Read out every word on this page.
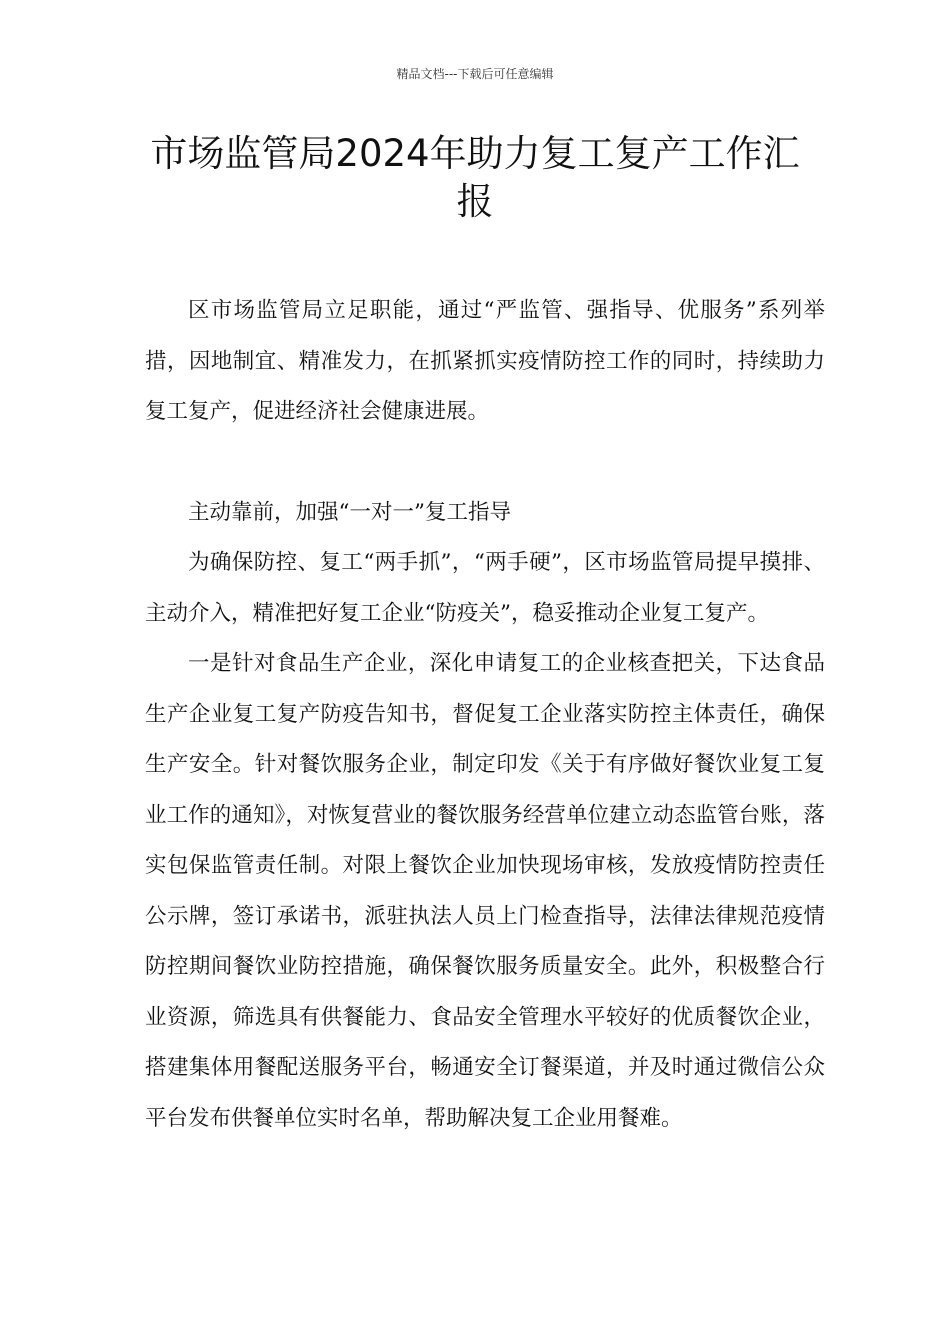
精品文档---下载后可任意编辑
市场监管局2024年助力复工复产工作汇报

区市场监管局立足职能，通过“严监管、强指导、优服务”系列举措，因地制宜、精准发力，在抓紧抓实疫情防控工作的同时，持续助力复工复产，促进经济社会健康进展。

主动靠前，加强“一对一”复工指导

为确保防控、复工“两手抓”，“两手硬”，区市场监管局提早摸排、主动介入，精准把好复工企业“防疫关”，稳妥推动企业复工复产。

一是针对食品生产企业，深化申请复工的企业核查把关，下达食品生产企业复工复产防疫告知书，督促复工企业落实防控主体责任，确保生产安全。针对餐饮服务企业，制定印发《关于有序做好餐饮业复工复业工作的通知》，对恢复营业的餐饮服务经营单位建立动态监管台账，落实包保监管责任制。对限上餐饮企业加快现场审核，发放疫情防控责任公示牌，签订承诺书，派驻执法人员上门检查指导，法律法律规范疫情防控期间餐饮业防控措施，确保餐饮服务质量安全。此外，积极整合行业资源，筛选具有供餐能力、食品安全管理水平较好的优质餐饮企业，搭建集体用餐配送服务平台，畅通安全订餐渠道，并及时通过微信公众平台发布供餐单位实时名单，帮助解决复工企业用餐难。
